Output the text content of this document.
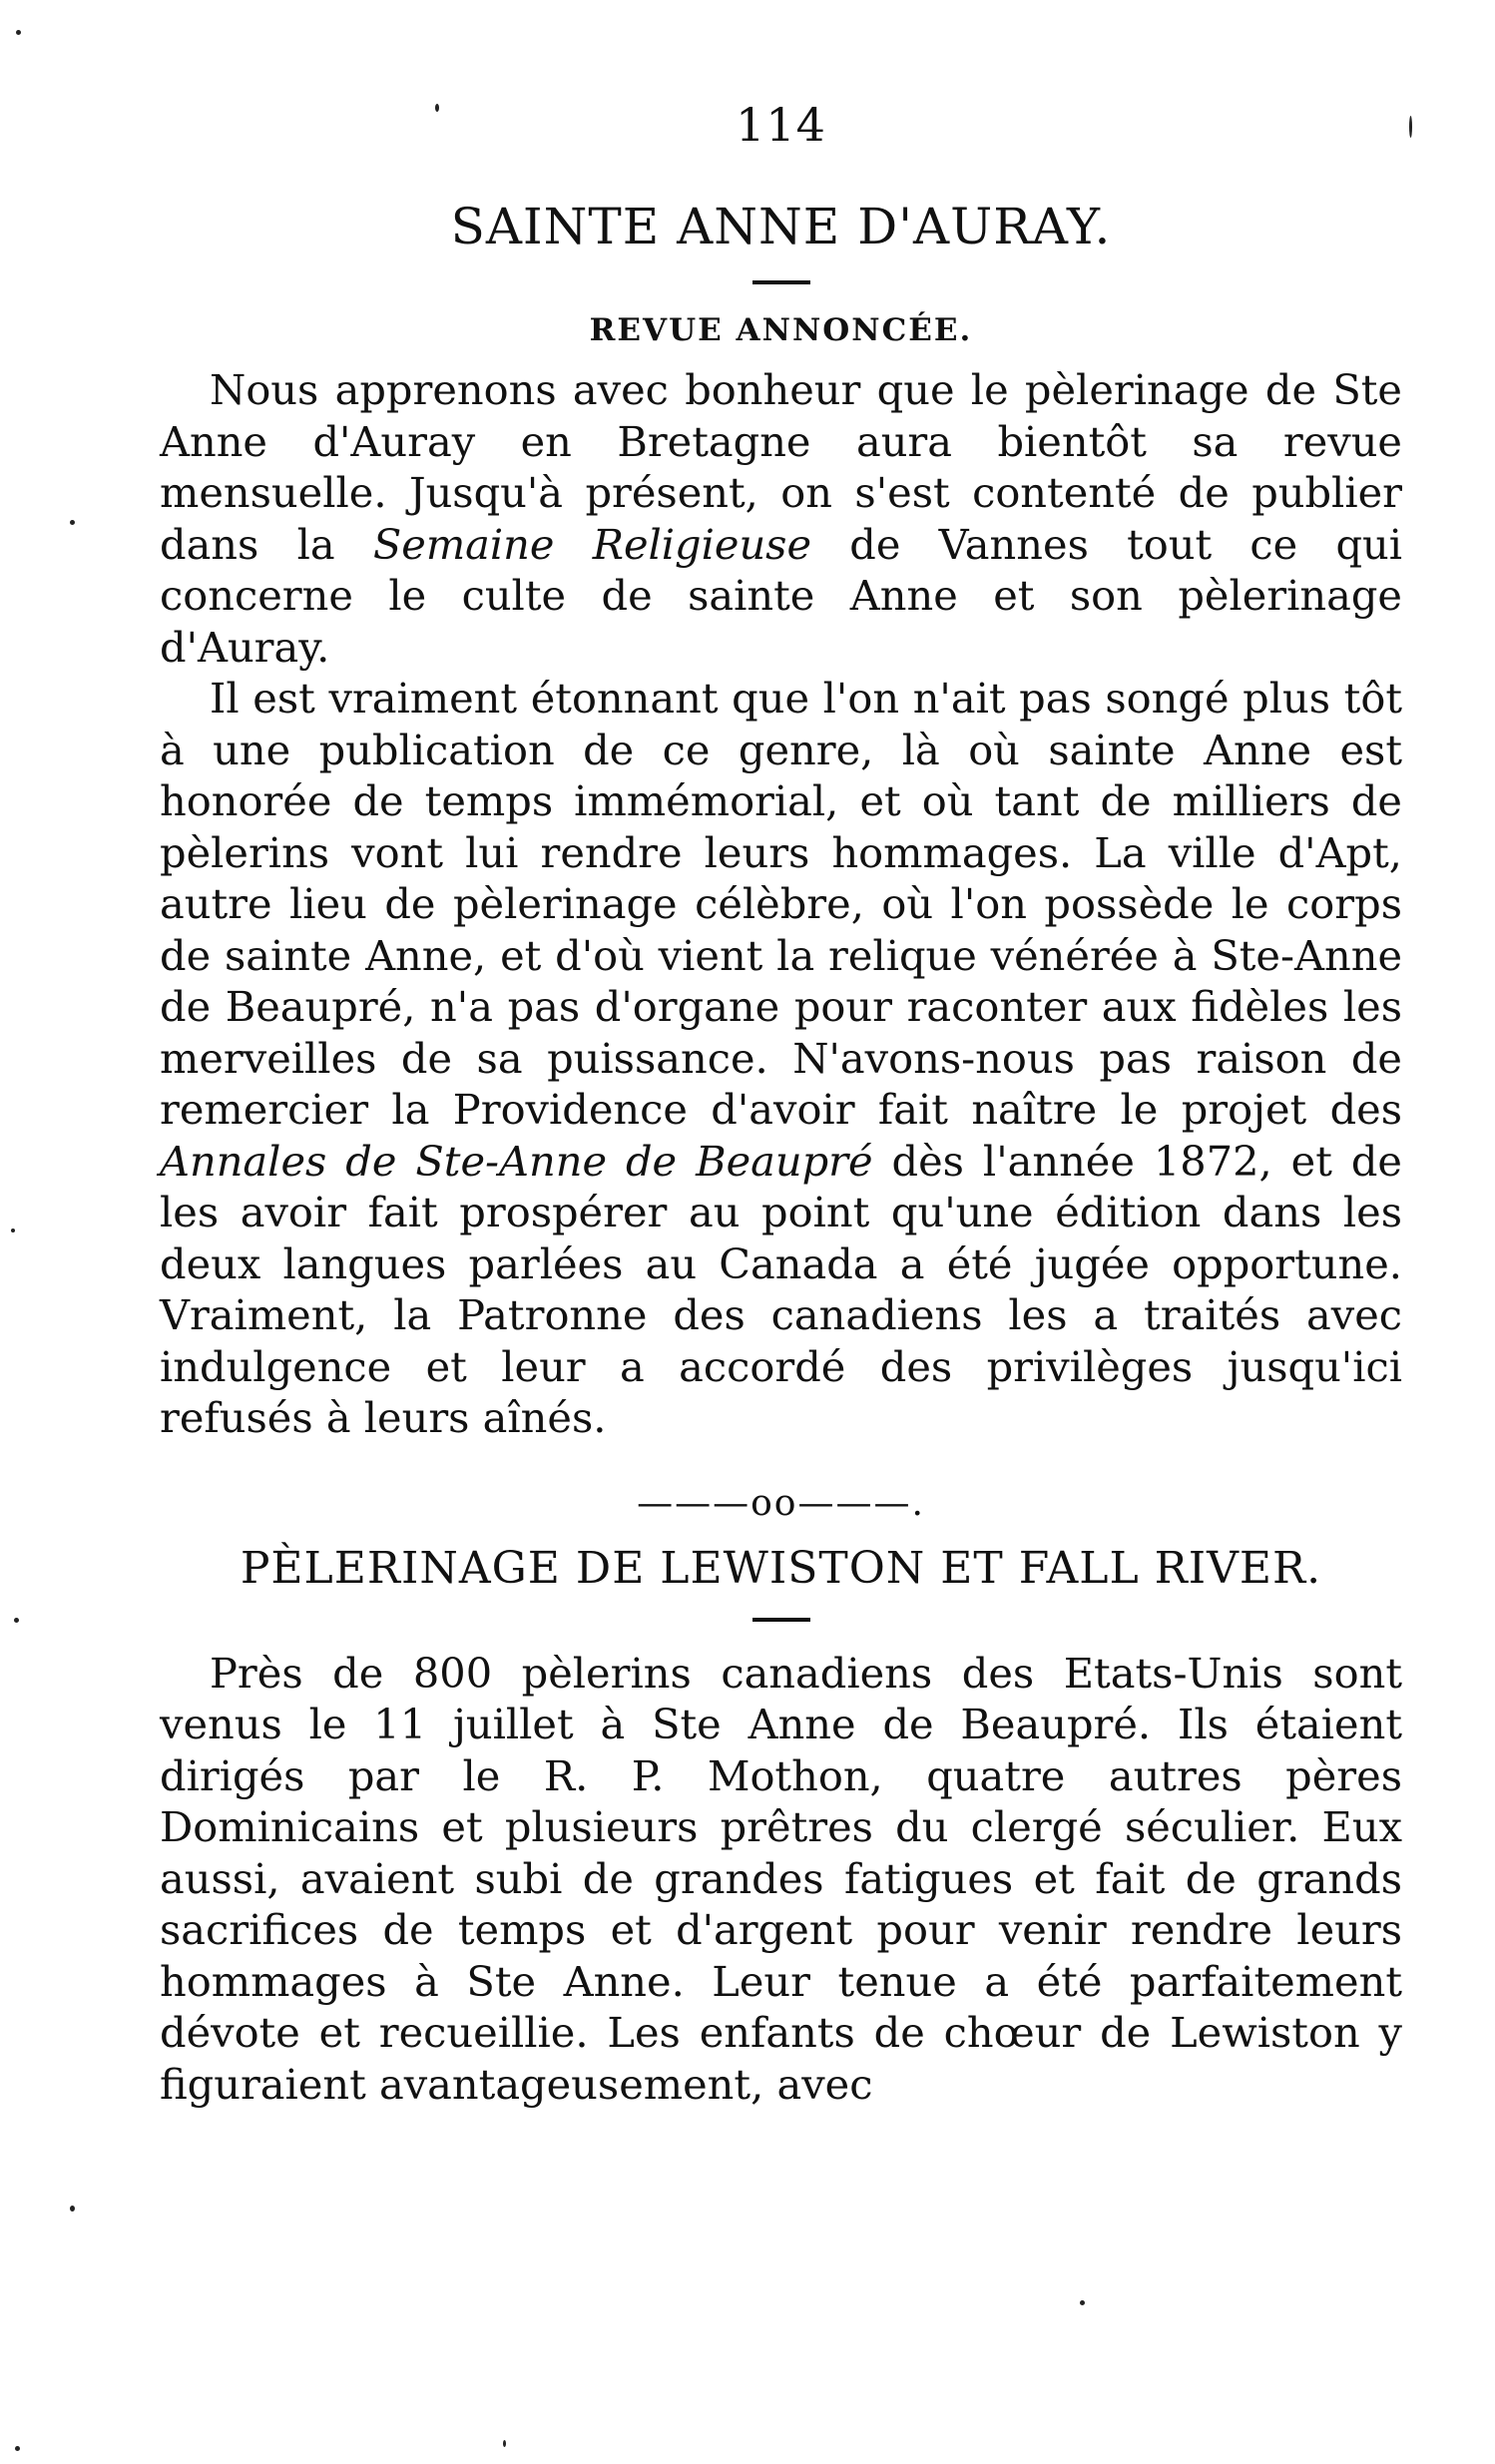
114
SAINTE ANNE D'AURAY.
REVUE ANNONCÉE.

Nous apprenons avec bonheur que le pèlerinage de Ste Anne d'Auray en Bretagne aura bientôt sa revue mensuelle. Jusqu'à présent, on s'est contenté de publier dans la Semaine Religieuse de Vannes tout ce qui concerne le culte de sainte Anne et son pèlerinage d'Auray.

Il est vraiment étonnant que l'on n'ait pas songé plus tôt à une publication de ce genre, là où sainte Anne est honorée de temps immémorial, et où tant de milliers de pèlerins vont lui rendre leurs hommages. La ville d'Apt, autre lieu de pèlerinage célèbre, où l'on possède le corps de sainte Anne, et d'où vient la relique vénérée à Ste-Anne de Beaupré, n'a pas d'organe pour raconter aux fidèles les merveilles de sa puissance. N'avons-nous pas raison de remercier la Providence d'avoir fait naître le projet des Annales de Ste-Anne de Beaupré dès l'année 1872, et de les avoir fait prospérer au point qu'une édition dans les deux langues parlées au Canada a été jugée opportune. Vraiment, la Patronne des canadiens les a traités avec indulgence et leur a accordé des privilèges jusqu'ici refusés à leurs aînés.

———oo———.
PÈLERINAGE DE LEWISTON ET FALL RIVER.

Près de 800 pèlerins canadiens des Etats-Unis sont venus le 11 juillet à Ste Anne de Beaupré. Ils étaient dirigés par le R. P. Mothon, quatre autres pères Dominicains et plusieurs prêtres du clergé séculier. Eux aussi, avaient subi de grandes fatigues et fait de grands sacrifices de temps et d'argent pour venir rendre leurs hommages à Ste Anne. Leur tenue a été parfaitement dévote et recueillie. Les enfants de chœur de Lewiston y figuraient avantageusement, avec
